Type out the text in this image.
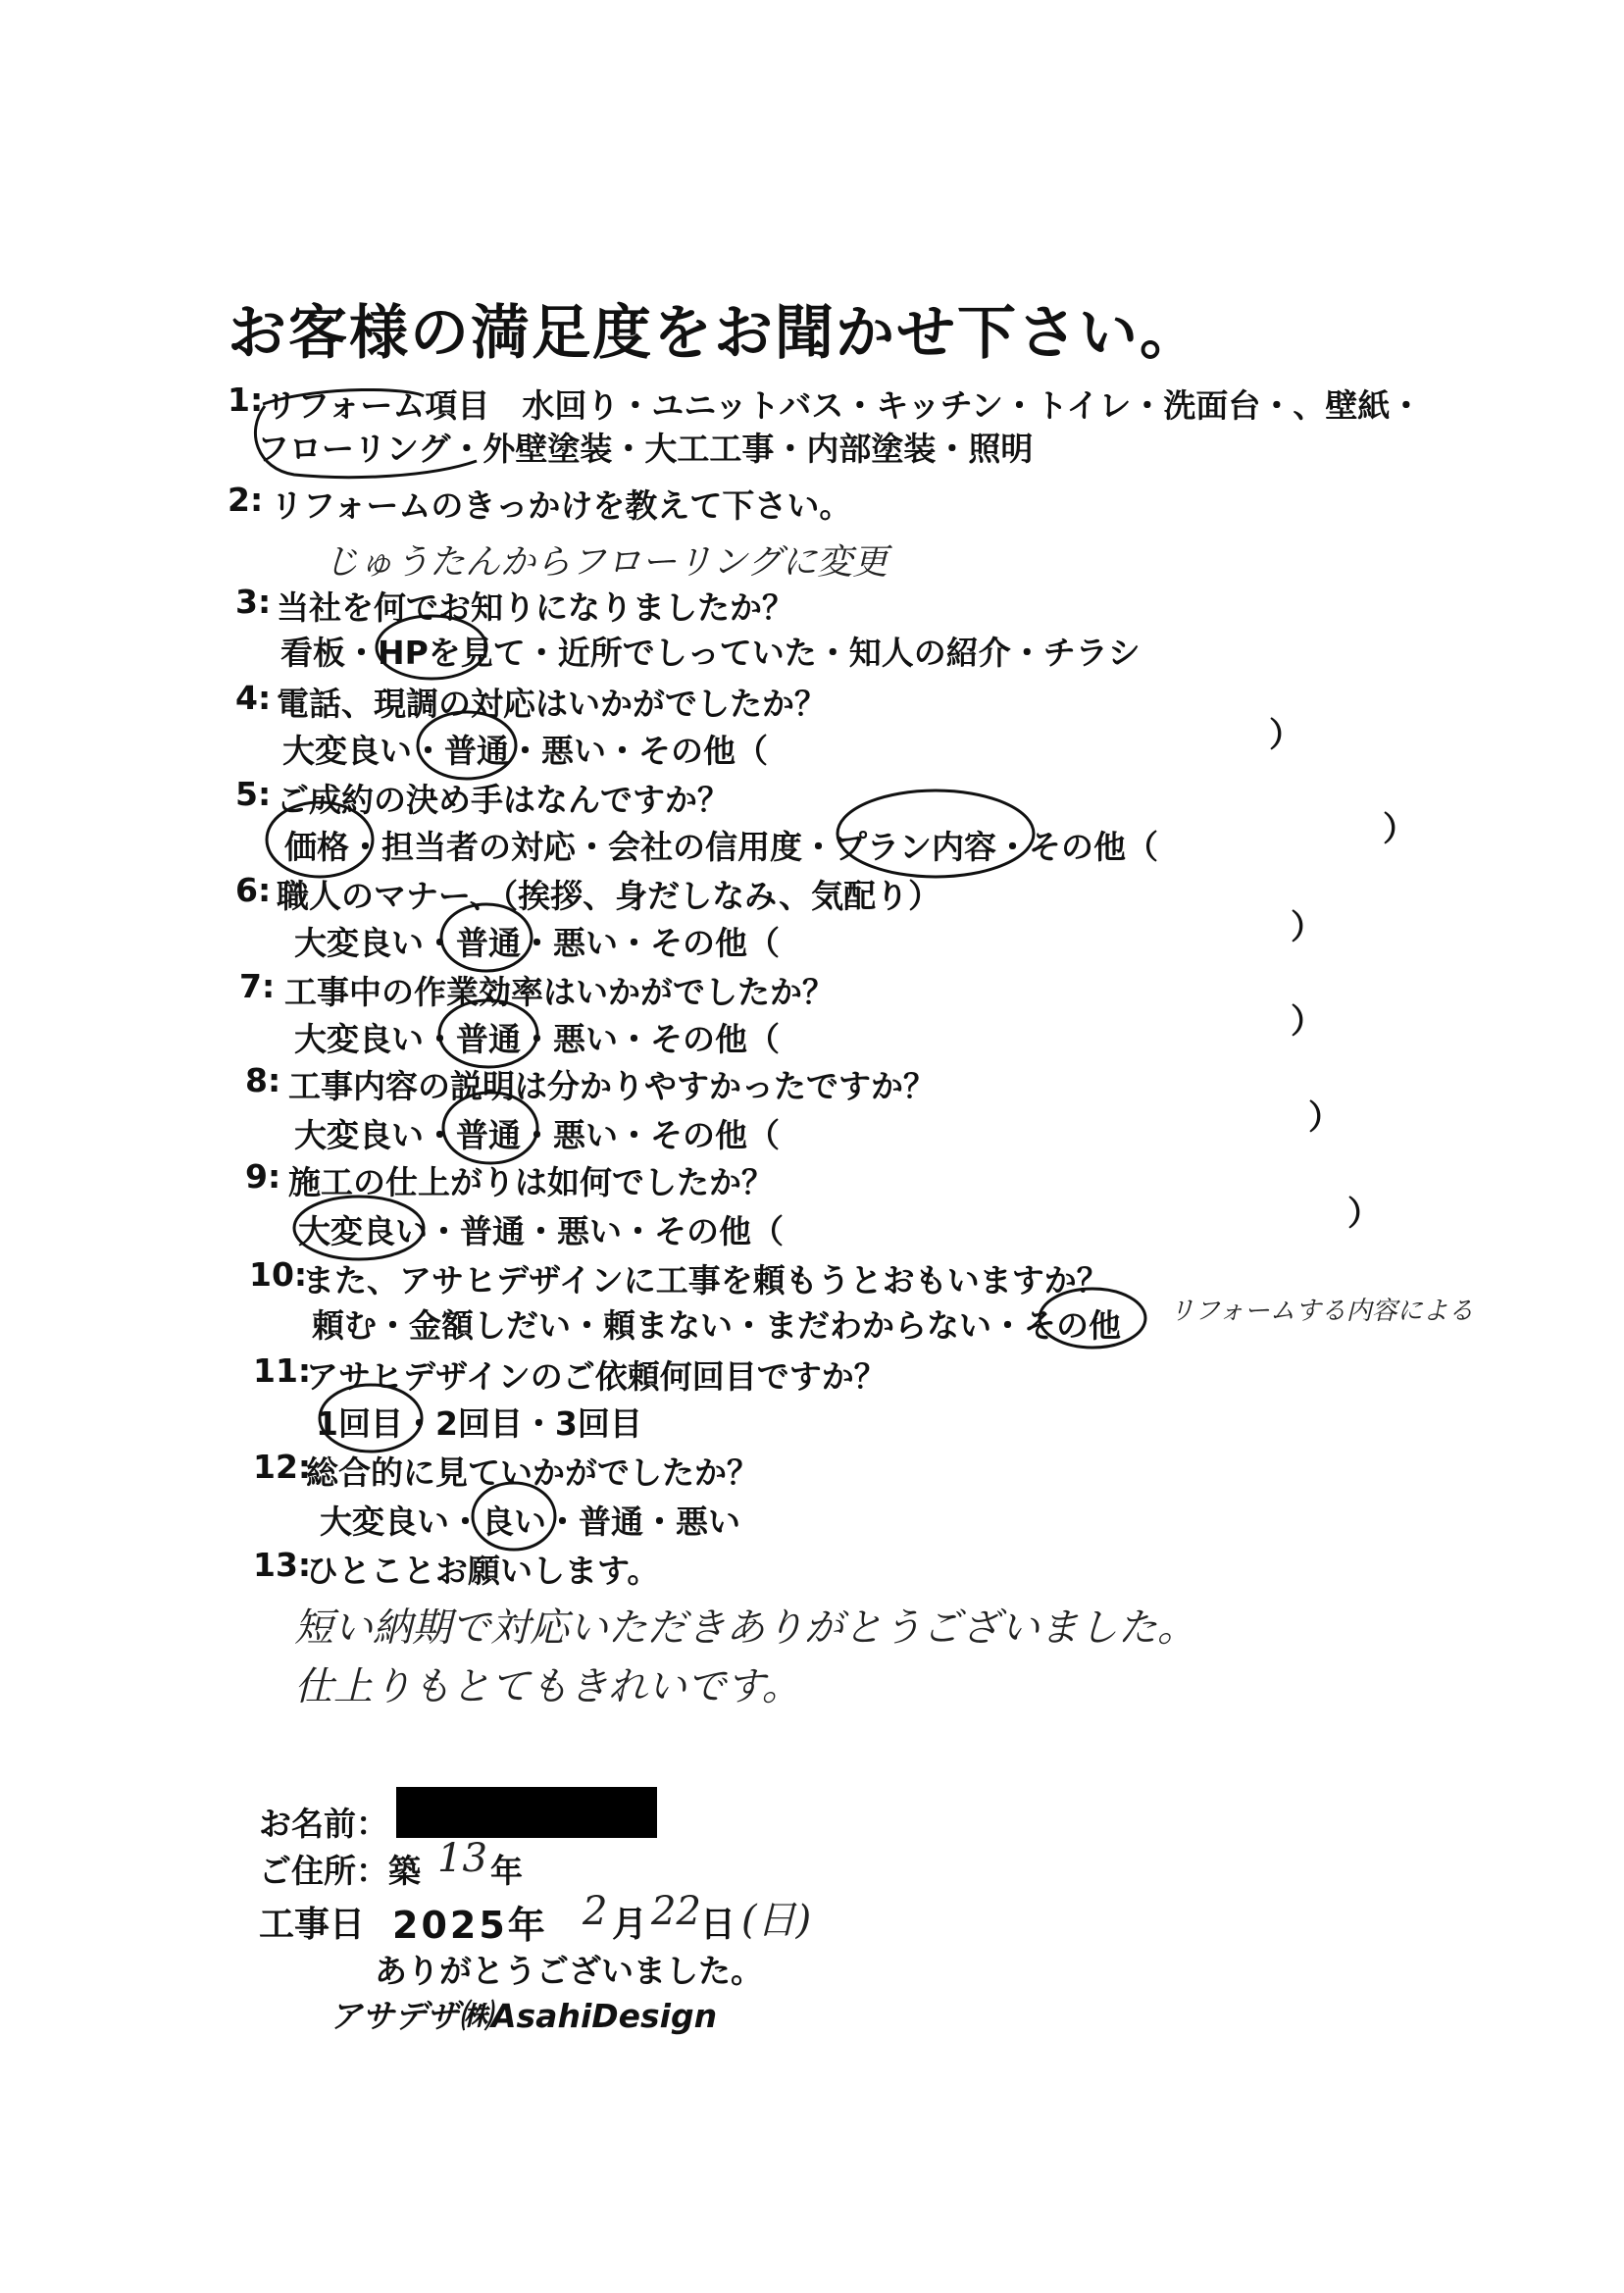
お客様の満足度をお聞かせ下さい。
1: リフォーム項目　水回り・ユニットバス・キッチン・トイレ・洗面台・、壁紙・
フローリング・外壁塗装・大工工事・内部塗装・照明
2: リフォームのきっかけを教えて下さい。
じゅうたんからフローリングに変更
3: 当社を何でお知りになりましたか？
看板・HPを見て・近所でしっていた・知人の紹介・チラシ
4: 電話、現調の対応はいかがでしたか？
大変良い・普通・悪い・その他（	）
5: ご成約の決め手はなんですか？
価格・担当者の対応・会社の信用度・プラン内容・その他（	）
6: 職人のマナー、（挨拶、身だしなみ、気配り）
大変良い・普通・悪い・その他（	）
7: 工事中の作業効率はいかがでしたか？
大変良い・普通・悪い・その他（	）
8: 工事内容の説明は分かりやすかったですか？
大変良い・普通・悪い・その他（	）
9: 施工の仕上がりは如何でしたか？
大変良い・普通・悪い・その他（	）
10:
また、アサヒデザインに工事を頼もうとおもいますか？
頼む・金額しだい・頼まない・まだわからない・その他 リフォームする内容による
11:
アサヒデザインのご依頼何回目ですか？
1回目・2回目・3回目
12:
総合的に見ていかがでしたか？
大変良い・良い・普通・悪い
13:
ひとことお願いします。
短い納期で対応いただきありがとうございました。
仕上りもとてもきれいです。
お名前：
ご住所：築 13 年
工事日 2025年 2 月 22 日 (日)
ありがとうございました。
アサデザ㈱AsahiDesign
